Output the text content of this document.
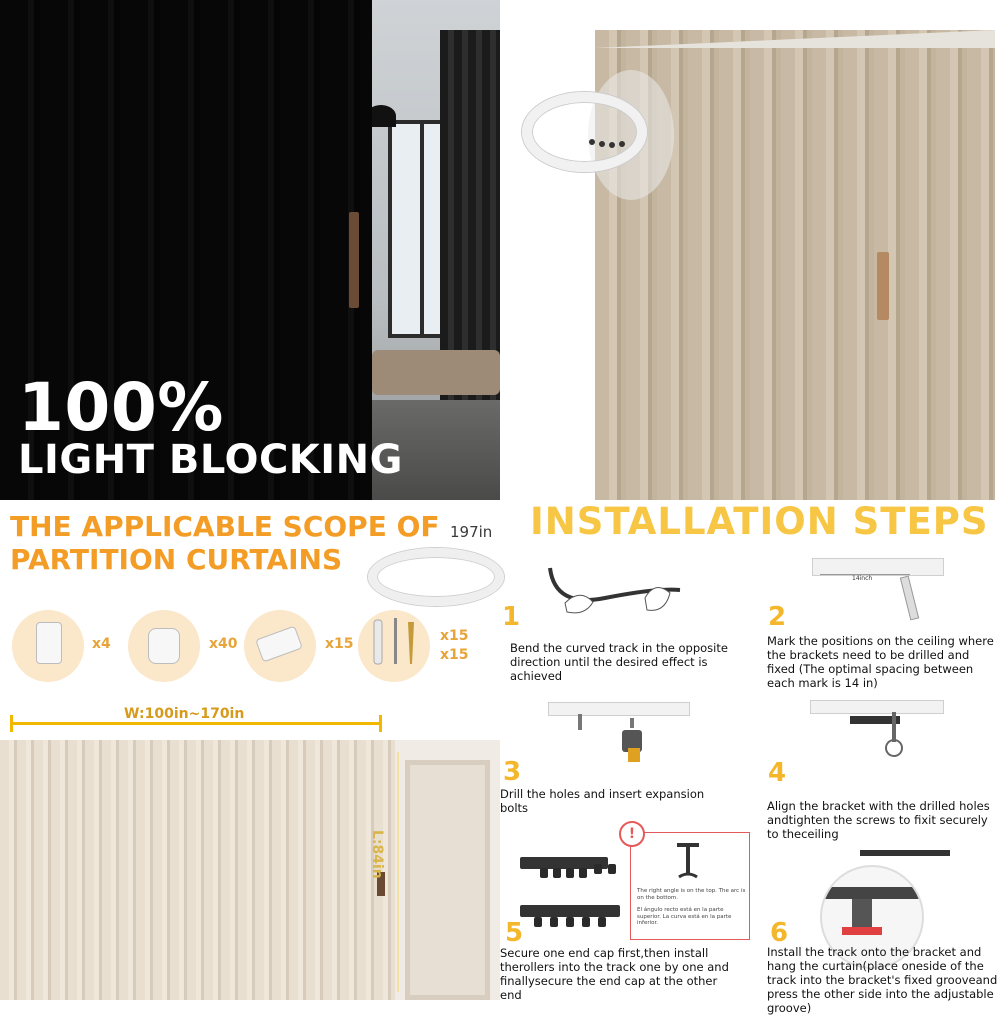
100%
LIGHT BLOCKING
THE APPLICABLE SCOPE OF
PARTITION CURTAINS
197in
x4	x40	x15	x15
x15
W:100in~170in
L:84in
INSTALLATION STEPS
1
Bend the curved track in the opposite direction until the desired effect is achieved
14inch
2
Mark the positions on the ceiling where the brackets need to be drilled and fixed (The optimal spacing between each mark is 14 in)
3
Drill the holes and insert expansion bolts
4
Align the bracket with the drilled holes andtighten the screws to fixit securely to theceiling
!
The right angle is on the top. The arc is on the bottom.
El ángulo recto está en la parte superior. La curva está en la parte inferior.
5
Secure one end cap first,then install therollers into the track one by one and finallysecure the end cap at the other end
6
Install the track onto the bracket and hang the curtain(place oneside of the track into the bracket's fixed grooveand press the other side into the adjustable groove)
